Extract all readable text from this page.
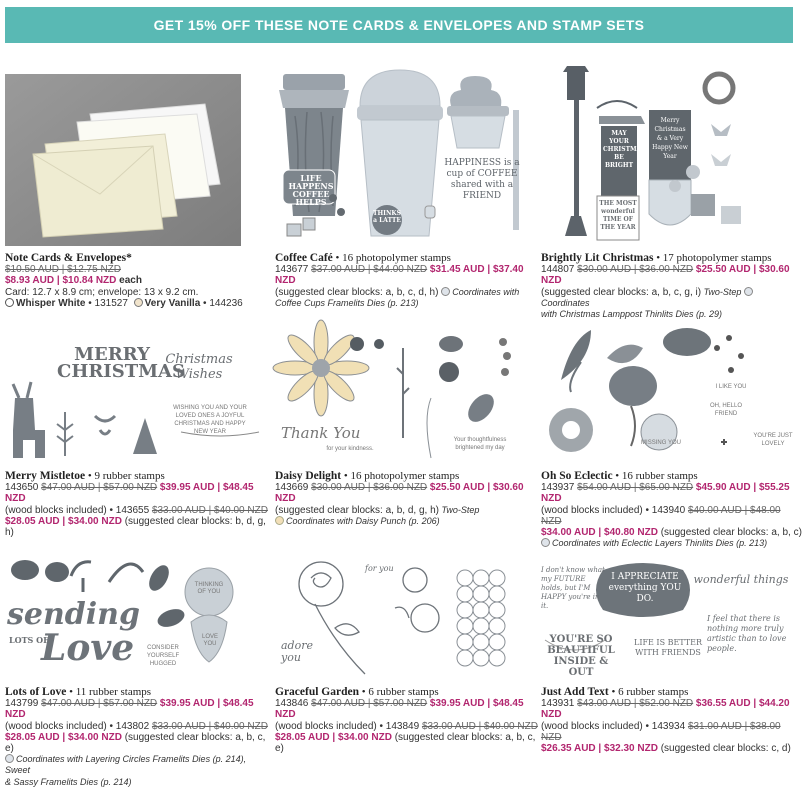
GET 15% OFF THESE NOTE CARDS & ENVELOPES AND STAMP SETS
Note Cards & Envelopes*
$10.50 AUD | $12.75 NZD
$8.93 AUD | $10.84 NZD each
Card: 12.7 x 8.9 cm; envelope: 13 x 9.2 cm.
Whisper White • 131527 Very Vanilla • 144236
LIFE HAPPENS COFFEE HELPS
HAPPINESS is a cup of COFFEE shared with a FRIEND
THINKS a LATTE
Coffee Café • 16 photopolymer stamps
143677 $37.00 AUD | $44.00 NZD $31.45 AUD | $37.40 NZD
(suggested clear blocks: a, b, c, d, h) Coordinates with
Coffee Cups Framelits Dies (p. 213)
MAY YOUR CHRISTMAS BE BRIGHT
Merry Christmas & a Very Happy New Year
THE MOST wonderful TIME OF THE YEAR
Brightly Lit Christmas • 17 photopolymer stamps
144807 $30.00 AUD | $36.00 NZD $25.50 AUD | $30.60 NZD
(suggested clear blocks: a, b, c, g, i) Two-Step Coordinates
with Christmas Lamppost Thinlits Dies (p. 29)
MERRY CHRISTMAS
Christmas Wishes
WISHING YOU AND YOUR LOVED ONES A JOYFUL CHRISTMAS AND HAPPY NEW YEAR
Merry Mistletoe • 9 rubber stamps
143650 $47.00 AUD | $57.00 NZD $39.95 AUD | $48.45 NZD
(wood blocks included) • 143655 $33.00 AUD | $40.00 NZD
$28.05 AUD | $34.00 NZD (suggested clear blocks: b, d, g, h)
Thank You
for your kindness.
Your thoughtfulness brightened my day
Daisy Delight • 16 photopolymer stamps
143669 $30.00 AUD | $36.00 NZD $25.50 AUD | $30.60 NZD
(suggested clear blocks: a, b, d, g, h) Two-Step
Coordinates with Daisy Punch (p. 206)
I LIKE YOU
OH, HELLO FRIEND
MISSING YOU
YOU'RE JUST LOVELY
Oh So Eclectic • 16 rubber stamps
143937 $54.00 AUD | $65.00 NZD $45.90 AUD | $55.25 NZD
(wood blocks included) • 143940 $40.00 AUD | $48.00 NZD
$34.00 AUD | $40.80 NZD (suggested clear blocks: a, b, c)
Coordinates with Eclectic Layers Thinlits Dies (p. 213)
sending
LOTS OF
Love
THINKING OF YOU
CONSIDER YOURSELF HUGGED
LOVE YOU
Lots of Love • 11 rubber stamps
143799 $47.00 AUD | $57.00 NZD $39.95 AUD | $48.45 NZD
(wood blocks included) • 143802 $33.00 AUD | $40.00 NZD
$28.05 AUD | $34.00 NZD (suggested clear blocks: a, b, c, e)
Coordinates with Layering Circles Framelits Dies (p. 214), Sweet
& Sassy Framelits Dies (p. 214)
for you
adore you
Graceful Garden • 6 rubber stamps
143846 $47.00 AUD | $57.00 NZD $39.95 AUD | $48.45 NZD
(wood blocks included) • 143849 $33.00 AUD | $40.00 NZD
$28.05 AUD | $34.00 NZD (suggested clear blocks: a, b, c, e)
I don't know what my FUTURE holds, but I'M HAPPY you're in it.
I APPRECIATE everything YOU DO.
wonderful things
YOU'RE SO BEAUTIFUL INSIDE & OUT
LIFE IS BETTER WITH FRIENDS
I feel that there is nothing more truly artistic than to love people.
Just Add Text • 6 rubber stamps
143931 $43.00 AUD | $52.00 NZD $36.55 AUD | $44.20 NZD
(wood blocks included) • 143934 $31.00 AUD | $38.00 NZD
$26.35 AUD | $32.30 NZD (suggested clear blocks: c, d)
